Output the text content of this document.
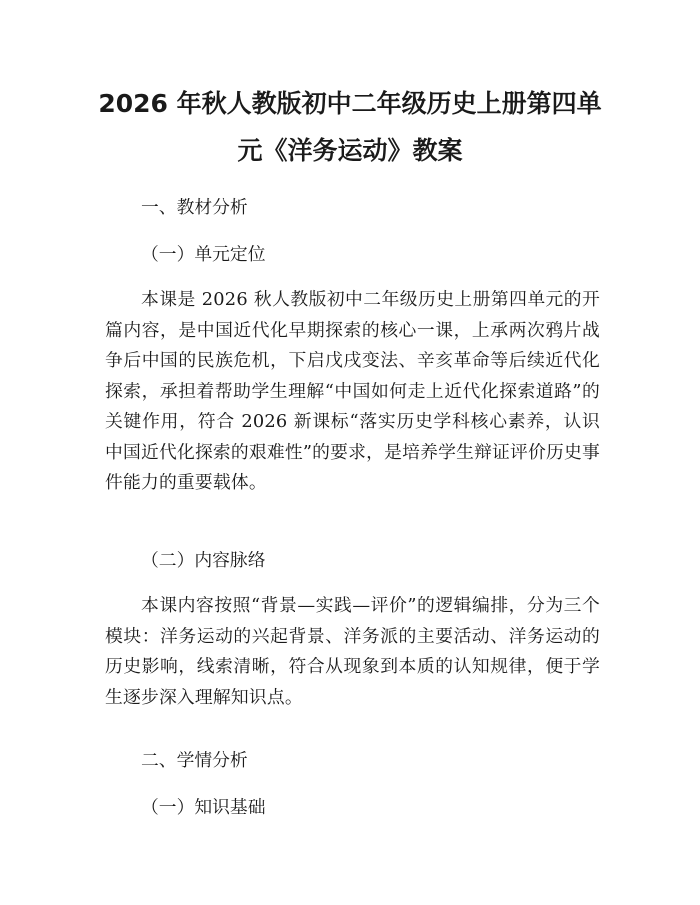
2026 年秋人教版初中二年级历史上册第四单
元《洋务运动》教案
一、教材分析
（一）单元定位

本课是 2026 秋人教版初中二年级历史上册第四单元的开篇内容，是中国近代化早期探索的核心一课，上承两次鸦片战争后中国的民族危机，下启戊戌变法、辛亥革命等后续近代化探索，承担着帮助学生理解“中国如何走上近代化探索道路”的关键作用，符合 2026 新课标“落实历史学科核心素养，认识中国近代化探索的艰难性”的要求，是培养学生辩证评价历史事件能力的重要载体。

（二）内容脉络

本课内容按照“背景—实践—评价”的逻辑编排，分为三个模块：洋务运动的兴起背景、洋务派的主要活动、洋务运动的历史影响，线索清晰，符合从现象到本质的认知规律，便于学生逐步深入理解知识点。

二、学情分析
（一）知识基础
